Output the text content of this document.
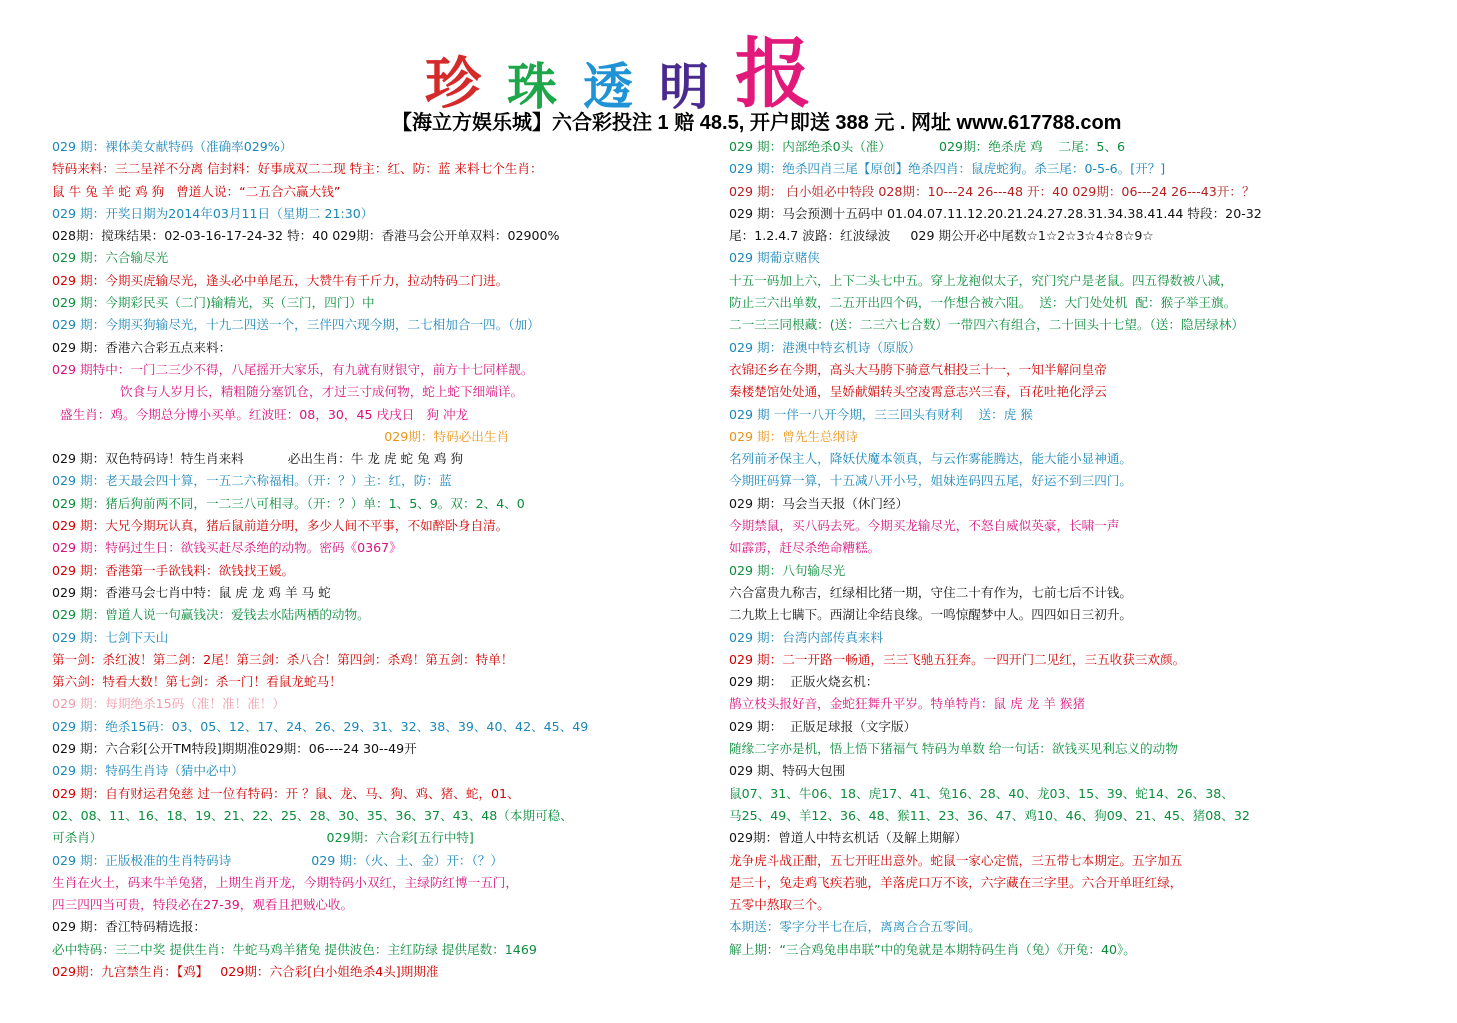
珍 珠 透 明 报
【海立方娱乐城】六合彩投注 1 赔 48.5, 开户即送 388 元 . 网址 www.617788.com
029 期：裸体美女献特码（准确率029%）
特码来料：三二呈祥不分离 信封料：好事成双二二现 特主：红、防：蓝 来料七个生肖：
鼠 牛 兔 羊 蛇 鸡 狗   曾道人说：“二五合六赢大钱”
029 期：开奖日期为2014年03月11日（星期二 21:30）
028期：搅珠结果：02-03-16-17-24-32 特：40 029期：香港马会公开单双料：02900%
029 期：六合输尽光
029 期：今期买虎输尽光，逢头必中单尾五，大赞牛有千斤力，拉动特码二门进。
029 期：今期彩民买（二门)输精光，买（三门，四门）中
029 期：今期买狗输尽光，十九二四送一个，三伴四六现今期，二七相加合一四。（加）
029 期：香港六合彩五点来料：
029 期特中：一门二三少不得，八尾摇开大家乐，有九就有财银守，前方十七同样靓。
饮食与人岁月长，精粗随分塞饥仓，才过三寸成何物，蛇上蛇下细端详。
盛生肖：鸡。今期总分博小买单。红波旺：08，30，45 戌戌日   狗 冲龙
029期：特码必出生肖
029 期：双色特码诗！特生肖来料           必出生肖：牛 龙 虎 蛇 兔 鸡 狗
029 期：老天最会四十算，一五二六称福相。（开：？）主：红，防：蓝
029 期：猪后狗前两不同，一二三八可相寻。（开：？）单：1、5、9。双：2、4、0
029 期：大兄今期玩认真，猪后鼠前道分明，多少人间不平事，不如醉卧身自清。
029 期：特码过生日：欲钱买赶尽杀绝的动物。密码《0367》
029 期：香港第一手欲钱料：欲钱找王媛。
029 期：香港马会七肖中特：鼠 虎 龙 鸡 羊 马 蛇
029 期：曾道人说一句赢钱决：爱钱去水陆两栖的动物。
029 期：七剑下天山
第一剑：杀红波！第二剑：2尾！第三剑：杀八合！第四剑：杀鸡！第五剑：特单！
第六剑：特看大数！第七剑：杀一门！看鼠龙蛇马！
029 期：每期绝杀15码（准！准！准！）
029 期：绝杀15码：03、05、12、17、24、26、29、31、32、38、39、40、42、45、49
029 期：六合彩[公开TM特段]期期准029期：06----24 30--49开
029 期：特码生肖诗（猜中必中）
029 期：自有财运君兔慈 过一位有特码：开 ？鼠、龙、马、狗、鸡、猪、蛇，01、
02、08、11、16、18、19、21、22、25、28、30、35、36、37、43、48（本期可稳、
可杀肖）                                                        029期：六合彩[五行中特]
029 期：正版极准的生肖特码诗                    029 期：（火、土、金）开：（？）
生肖在火土，码来牛羊兔猪，上期生肖开龙，今期特码小双红，主绿防红博一五门，
四三四四当可贵，特段必在27-39，观看且把贼心收。
029 期：香江特码精选报：
必中特码：三二中奖 提供生肖：牛蛇马鸡羊猪兔 提供波色：主红防绿 提供尾数：1469
029期：九宫禁生肖：【鸡】   029期：六合彩[白小姐绝杀4头]期期准
029 期：内部绝杀0头（准）            029期：绝杀虎 鸡    二尾：5、6
029 期：绝杀四肖三尾【原创】绝杀四肖：鼠虎蛇狗。杀三尾：0-5-6。[开？]
029 期： 白小姐必中特段 028期：10---24 26---48 开：40 029期：06---24 26---43开：？
029 期：马会预测十五码中 01.04.07.11.12.20.21.24.27.28.31.34.38.41.44 特段：20-32
尾：1.2.4.7 波路：红波绿波     029 期公开必中尾数☆1☆2☆3☆4☆8☆9☆
029 期葡京赌侠
十五一码加上六，上下二头七中五。穿上龙袍似太子，究门究户是老鼠。四五得数被八减，
防止三六出单数，二五开出四个码，一作想合被六阻。  送：大门处处机  配：猴子举王旗。
二一三三同根藏：(送：二三六七合数）一带四六有组合，二十回头十七望。（送：隐居绿林）
029 期：港澳中特玄机诗（原版）
衣锦还乡在今期，高头大马胯下骑意气相投三十一，一知半解问皇帝
秦楼楚馆处处通，呈娇献媚转头空凌霄意志兴三春，百花吐艳化浮云
029 期 一伴一八开今期，三三回头有财利    送：虎 猴
029 期：曾先生总纲诗
名列前矛保主人，降妖伏魔本领真，与云作雾能腾达，能大能小显神通。
今期旺码算一算，十五减八开小号，姐妹连码四五尾，好运不到三四门。
029 期：马会当天报（休门经）
今期禁鼠，买八码去死。今期买龙输尽光，不怒自威似英豪，长啸一声
如霹雳，赶尽杀绝命糟糕。
029 期：八句输尽光
六合富贵九称吉，红绿相比猪一期，守住二十有作为，七前七后不计钱。
二九欺上七瞒下。西湖让伞结良缘。一鸣惊醒梦中人。四四如日三初升。
029 期：台湾内部传真来料
029 期：二一开路一畅通，三三飞驰五狂奔。一四开门二见红，三五收获三欢颜。
029 期：  正版火烧玄机：
鹊立枝头报好音，金蛇狂舞升平岁。特单特肖：鼠 虎 龙 羊 猴猪
029 期：  正版足球报（文字版）
随缘二字亦是机，悟上悟下猪福气 特码为单数 给一句话：欲钱买见利忘义的动物
029 期、特码大包围
鼠07、31、牛06、18、虎17、41、兔16、28、40、龙03、15、39、蛇14、26、38、
马25、49、羊12、36、48、猴11、23、36、47、鸡10、46、狗09、21、45、猪08、32
029期：曾道人中特玄机话（及解上期解）
龙争虎斗战正酣，五七开旺出意外。蛇鼠一家心定慌，三五带七本期定。五字加五
是三十，兔走鸡飞疾若驰，羊落虎口万不该，六字藏在三字里。六合开单旺红绿，
五零中熬取三个。
本期送：零字分半七在后，离离合合五零间。
解上期：“三合鸡兔串串联”中的兔就是本期特码生肖（兔）《开兔：40》。
